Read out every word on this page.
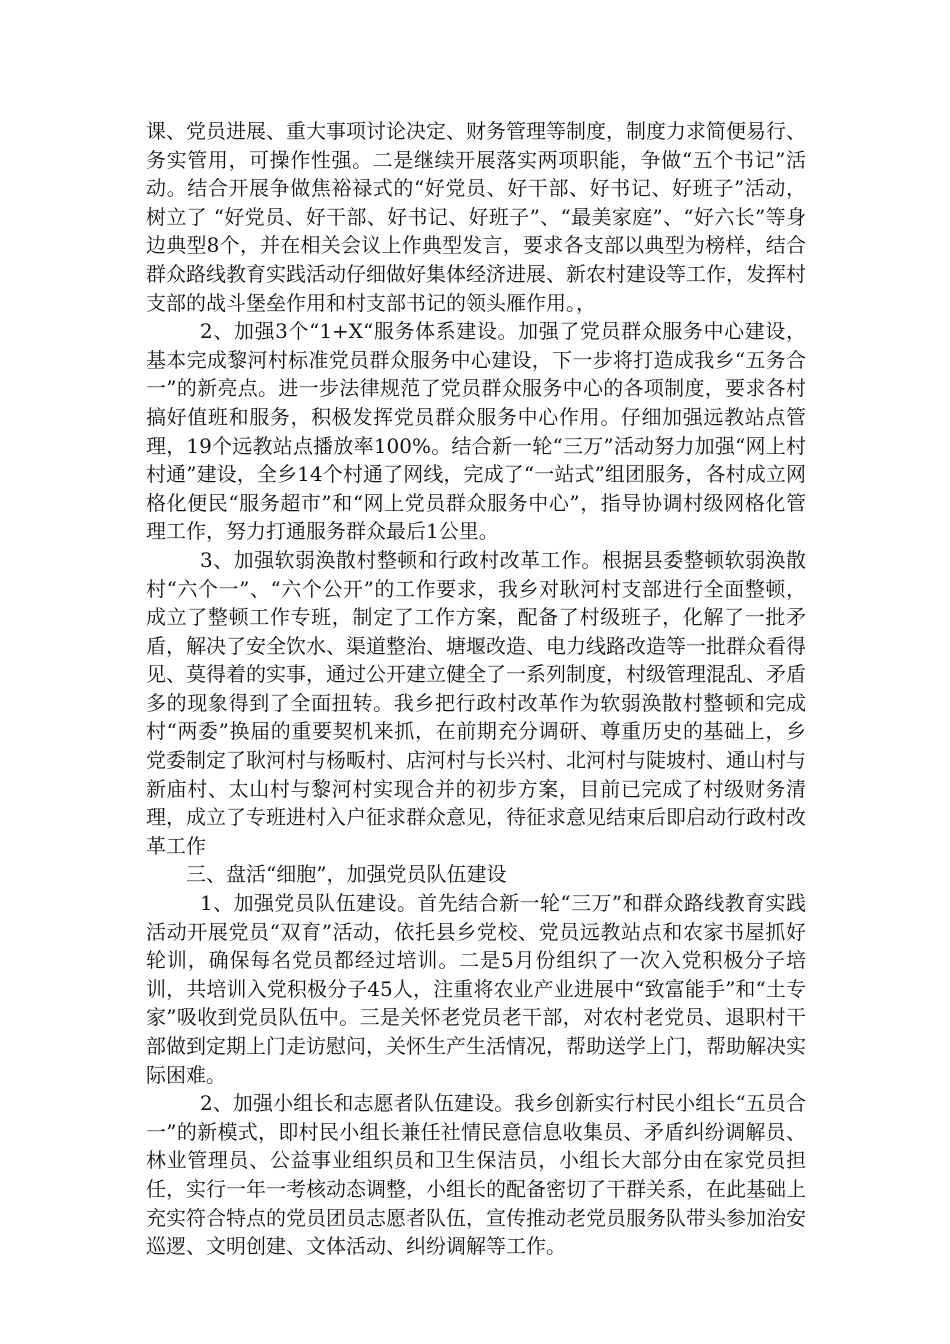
课、党员进展、重大事项讨论决定、财务管理等制度，制度力求简便易行、务实管用，可操作性强。二是继续开展落实两项职能，争做“五个书记”活动。结合开展争做焦裕禄式的“好党员、好干部、好书记、好班子”活动，树立了 “好党员、好干部、好书记、好班子”、“最美家庭”、“好六长”等身边典型8个，并在相关会议上作典型发言，要求各支部以典型为榜样，结合群众路线教育实践活动仔细做好集体经济进展、新农村建设等工作，发挥村支部的战斗堡垒作用和村支部书记的领头雁作用。，

2、加强3个“1+X“服务体系建设。加强了党员群众服务中心建设，基本完成黎河村标准党员群众服务中心建设，下一步将打造成我乡“五务合一”的新亮点。进一步法律规范了党员群众服务中心的各项制度，要求各村搞好值班和服务，积极发挥党员群众服务中心作用。仔细加强远教站点管理，19个远教站点播放率100%。结合新一轮“三万”活动努力加强“网上村村通”建设，全乡14个村通了网线，完成了“一站式”组团服务，各村成立网格化便民“服务超市”和“网上党员群众服务中心”，指导协调村级网格化管理工作，努力打通服务群众最后1公里。

3、加强软弱涣散村整顿和行政村改革工作。根据县委整顿软弱涣散村“六个一”、“六个公开”的工作要求，我乡对耿河村支部进行全面整顿，成立了整顿工作专班，制定了工作方案，配备了村级班子，化解了一批矛盾，解决了安全饮水、渠道整治、塘堰改造、电力线路改造等一批群众看得见、莫得着的实事，通过公开建立健全了一系列制度，村级管理混乱、矛盾多的现象得到了全面扭转。我乡把行政村改革作为软弱涣散村整顿和完成村“两委”换届的重要契机来抓，在前期充分调研、尊重历史的基础上，乡党委制定了耿河村与杨畈村、店河村与长兴村、北河村与陡坡村、通山村与新庙村、太山村与黎河村实现合并的初步方案，目前已完成了村级财务清理，成立了专班进村入户征求群众意见，待征求意见结束后即启动行政村改革工作

三、盘活“细胞”，加强党员队伍建设

1、加强党员队伍建设。首先结合新一轮“三万”和群众路线教育实践活动开展党员“双育”活动，依托县乡党校、党员远教站点和农家书屋抓好轮训，确保每名党员都经过培训。二是5月份组织了一次入党积极分子培训，共培训入党积极分子45人，注重将农业产业进展中“致富能手”和“土专家”吸收到党员队伍中。三是关怀老党员老干部，对农村老党员、退职村干部做到定期上门走访慰问，关怀生产生活情况，帮助送学上门，帮助解决实际困难。

2、加强小组长和志愿者队伍建设。我乡创新实行村民小组长“五员合一”的新模式，即村民小组长兼任社情民意信息收集员、矛盾纠纷调解员、林业管理员、公益事业组织员和卫生保洁员，小组长大部分由在家党员担任，实行一年一考核动态调整，小组长的配备密切了干群关系，在此基础上充实符合特点的党员团员志愿者队伍，宣传推动老党员服务队带头参加治安巡逻、文明创建、文体活动、纠纷调解等工作。
